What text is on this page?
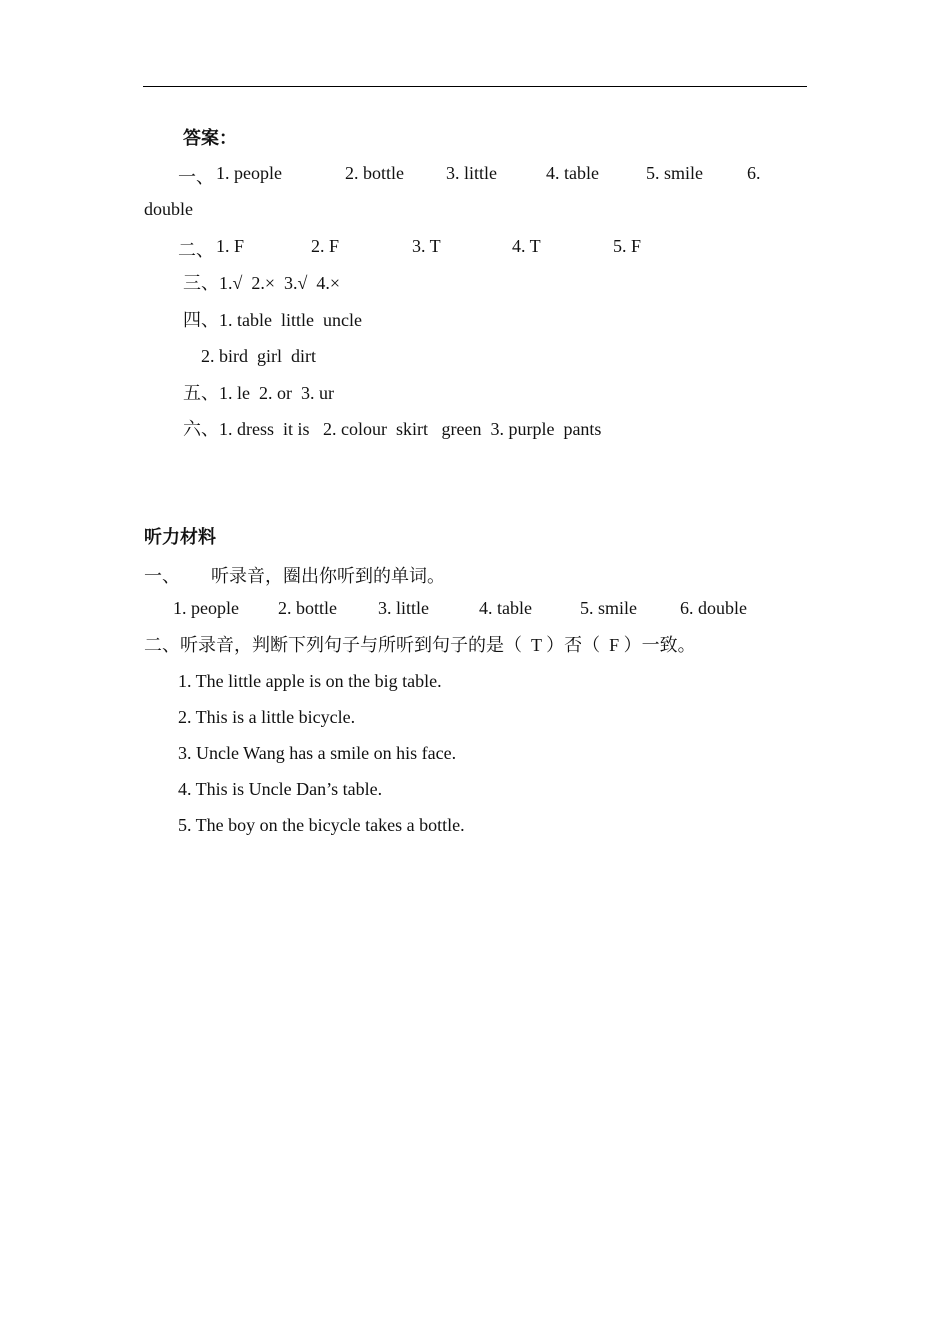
答案：
一、 1. people	2. bottle 3. little	4. table	5. smile 6.
double
二、 1. F	2. F	3. T	4. T	5. F
三、1.√  2.×  3.√  4.×
四、1. table  little  uncle
2. bird  girl  dirt
五、1. le  2. or  3. ur
六、1. dress  it is   2. colour  skirt   green  3. purple  pants
听力材料
一、 听录音，圈出你听到的单词。
1. people 2. bottle 3. little	4. table	5. smile 6. double
二、听录音，判断下列句子与所听到句子的是（  T ）否（  F ）一致。
1. The little apple is on the big table.
2. This is a little bicycle.
3. Uncle Wang has a smile on his face.
4. This is Uncle Dan’s table.
5. The boy on the bicycle takes a bottle.
